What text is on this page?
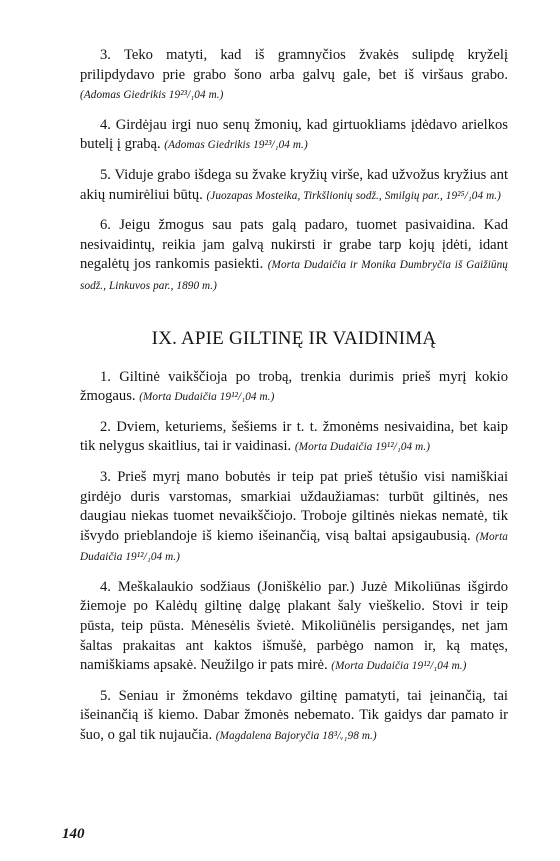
3. Teko matyti, kad iš gramnyčios žvakės sulipdę kryželį prilipdydavo prie grabo šono arba galvų gale, bet iš viršaus grabo. (Adomas Giedrikis 19²³/₁04 m.)

4. Girdėjau irgi nuo senų žmonių, kad girtuokliams įdėdavo arielkos butelį į grabą. (Adomas Giedrikis 19²³/₁04 m.)

5. Viduje grabo išdega su žvake kryžių virše, kad užvožus kryžius ant akių numirėliui būtų. (Juozapas Mosteika, Tirkšlionių sodž., Smilgių par., 19²⁵/₁04 m.)

6. Jeigu žmogus sau pats galą padaro, tuomet pasivaidina. Kad nesivaidintų, reikia jam galvą nukirsti ir grabe tarp kojų įdėti, idant negalėtų jos rankomis pasiekti. (Morta Dudaičia ir Monika Dumbryčia iš Gaižiūnų sodž., Linkuvos par., 1890 m.)

IX. APIE GILTINĘ IR VAIDINIMĄ

1. Giltinė vaikščioja po trobą, trenkia durimis prieš myrį kokio žmogaus. (Morta Dudaičia 19¹²/₁04 m.)

2. Dviem, keturiems, šešiems ir t. t. žmonėms nesivaidina, bet kaip tik nelygus skaitlius, tai ir vaidinasi. (Morta Dudaičia 19¹²/₁04 m.)

3. Prieš myrį mano bobutės ir teip pat prieš tėtušio visi namiškiai girdėjo duris varstomas, smarkiai uždaužiamas: turbūt giltinės, nes daugiau niekas tuomet nevaikščiojo. Troboje giltinės niekas nematė, tik išvydo prieblandoje iš kiemo išeinančią, visą baltai apsigaubusią. (Morta Dudaičia 19¹²/₁04 m.)

4. Meškalaukio sodžiaus (Joniškėlio par.) Juzė Mikoliūnas išgirdo žiemoje po Kalėdų giltinę dalgę plakant šaly vieškelio. Stovi ir teip pūsta, teip pūsta. Mėnesėlis švietė. Mikoliūnėlis persigandęs, net jam šaltas prakaitas ant kaktos išmušė, parbėgo namon ir, ką matęs, namiškiams apsakė. Neužilgo ir pats mirė. (Morta Dudaičia 19¹²/₁04 m.)

5. Seniau ir žmonėms tekdavo giltinę pamatyti, tai įeinančią, tai išeinančią iš kiemo. Dabar žmonės nebemato. Tik gaidys dar pamato ir šuo, o gal tik nujaučia. (Magdalena Bajoryčia 18³/ᵥ₁98 m.)

140
